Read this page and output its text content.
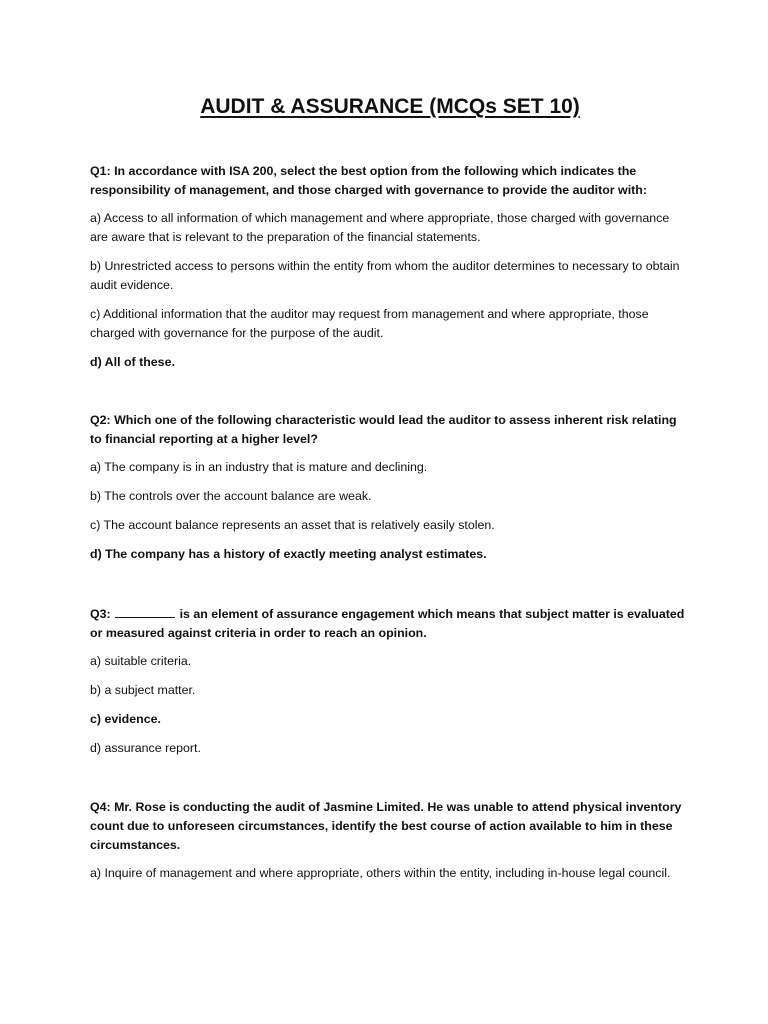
AUDIT & ASSURANCE (MCQs SET 10)

Q1: In accordance with ISA 200, select the best option from the following which indicates the responsibility of management, and those charged with governance to provide the auditor with:

a) Access to all information of which management and where appropriate, those charged with governance are aware that is relevant to the preparation of the financial statements.

b) Unrestricted access to persons within the entity from whom the auditor determines to necessary to obtain audit evidence.

c) Additional information that the auditor may request from management and where appropriate, those charged with governance for the purpose of the audit.

d) All of these.

Q2: Which one of the following characteristic would lead the auditor to assess inherent risk relating to financial reporting at a higher level?

a) The company is in an industry that is mature and declining.

b) The controls over the account balance are weak.

c) The account balance represents an asset that is relatively easily stolen.

d) The company has a history of exactly meeting analyst estimates.

Q3:	is an element of assurance engagement which means that subject matter is evaluated or measured against criteria in order to reach an opinion.

a) suitable criteria.

b) a subject matter.

c) evidence.

d) assurance report.

Q4: Mr. Rose is conducting the audit of Jasmine Limited. He was unable to attend physical inventory count due to unforeseen circumstances, identify the best course of action available to him in these circumstances.

a) Inquire of management and where appropriate, others within the entity, including in-house legal council.
